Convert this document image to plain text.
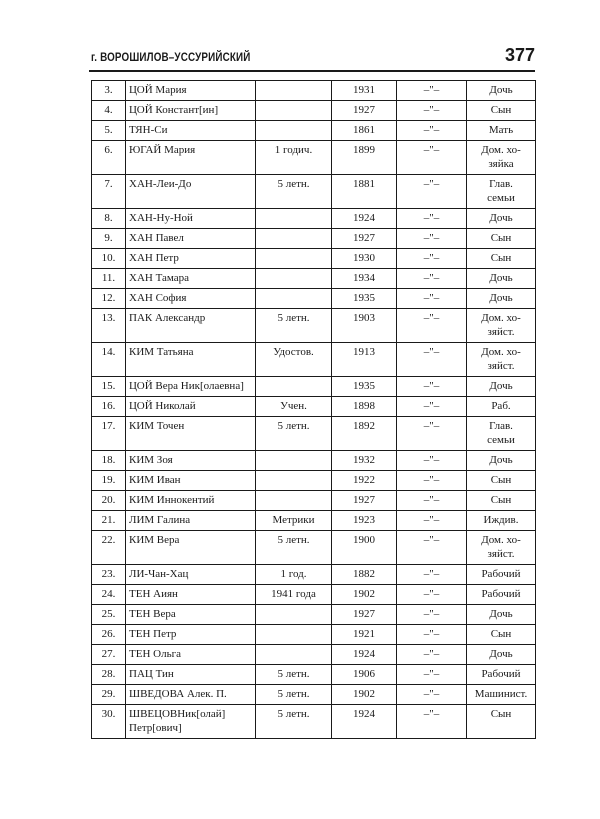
г. ВОРОШИЛОВ–УССУРИЙСКИЙ	377
3.	ЦОЙ Мария		1931	–"–	Дочь
4.	ЦОЙ Констант[ин]		1927	–"–	Сын
5.	ТЯН-Си		1861	–"–	Мать
6.	ЮГАЙ Мария	1 годич.	1899	–"–	Дом. хо-
зяйка
7.	ХАН-Леи-До	5 летн.	1881	–"–	Глав.
семьи
8.	ХАН-Ну-Ной		1924	–"–	Дочь
9.	ХАН Павел		1927	–"–	Сын
10.	ХАН Петр		1930	–"–	Сын
11.	ХАН Тамара		1934	–"–	Дочь
12.	ХАН София		1935	–"–	Дочь
13.	ПАК Александр	5 летн.	1903	–"–	Дом. хо-
зяйст.
14.	КИМ Татьяна	Удостов.	1913	–"–	Дом. хо-
зяйст.
15.	ЦОЙ Вера Ник[олаевна]		1935	–"–	Дочь
16.	ЦОЙ Николай	Учен.	1898	–"–	Раб.
17.	КИМ Точен	5 летн.	1892	–"–	Глав.
семьи
18.	КИМ Зоя		1932	–"–	Дочь
19.	КИМ Иван		1922	–"–	Сын
20.	КИМ Иннокентий		1927	–"–	Сын
21.	ЛИМ Галина	Метрики	1923	–"–	Иждив.
22.	КИМ Вера	5 летн.	1900	–"–	Дом. хо-
зяйст.
23.	ЛИ-Чан-Хац	1 год.	1882	–"–	Рабочий
24.	ТЕН Аиян	1941 года	1902	–"–	Рабочий
25.	ТЕН Вера		1927	–"–	Дочь
26.	ТЕН Петр		1921	–"–	Сын
27.	ТЕН Ольга		1924	–"–	Дочь
28.	ПАЦ Тин	5 летн.	1906	–"–	Рабочий
29.	ШВЕДОВА Алек. П.	5 летн.	1902	–"–	Машинист.
30.	ШВЕЦОВНик[олай]
Петр[ович]	5 летн.	1924	–"–	Сын
